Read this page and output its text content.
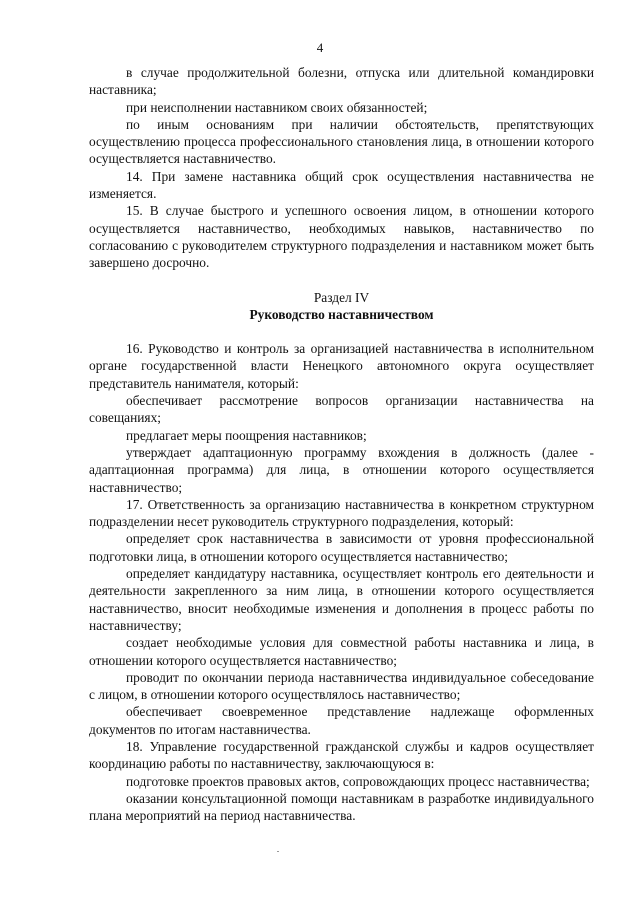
4

в случае продолжительной болезни, отпуска или длительной командировки наставника;

при неисполнении наставником своих обязанностей;

по иным основаниям при наличии обстоятельств, препятствующих осуществлению процесса профессионального становления лица, в отношении которого осуществляется наставничество.

14. При замене наставника общий срок осуществления наставничества не изменяется.

15. В случае быстрого и успешного освоения лицом, в отношении которого осуществляется наставничество, необходимых навыков, наставничество по согласованию с руководителем структурного подразделения и наставником может быть завершено досрочно.

Раздел IV

Руководство наставничеством

16. Руководство и контроль за организацией наставничества в исполнительном органе государственной власти Ненецкого автономного округа осуществляет представитель нанимателя, который:

обеспечивает рассмотрение вопросов организации наставничества на совещаниях;

предлагает меры поощрения наставников;

утверждает адаптационную программу вхождения в должность (далее - адаптационная программа) для лица, в отношении которого осуществляется наставничество;

17. Ответственность за организацию наставничества в конкретном структурном подразделении несет руководитель структурного подразделения, который:

определяет срок наставничества в зависимости от уровня профессиональной подготовки лица, в отношении которого осуществляется наставничество;

определяет кандидатуру наставника, осуществляет контроль его деятельности и деятельности закрепленного за ним лица, в отношении которого осуществляется наставничество, вносит необходимые изменения и дополнения в процесс работы по наставничеству;

создает необходимые условия для совместной работы наставника и лица, в отношении которого осуществляется наставничество;

проводит по окончании периода наставничества индивидуальное собеседование с лицом, в отношении которого осуществлялось наставничество;

обеспечивает своевременное представление надлежаще оформленных документов по итогам наставничества.

18. Управление государственной гражданской службы и кадров осуществляет координацию работы по наставничеству, заключающуюся в:

подготовке проектов правовых актов, сопровождающих процесс наставничества;

оказании консультационной помощи наставникам в разработке индивидуального плана мероприятий на период наставничества.
